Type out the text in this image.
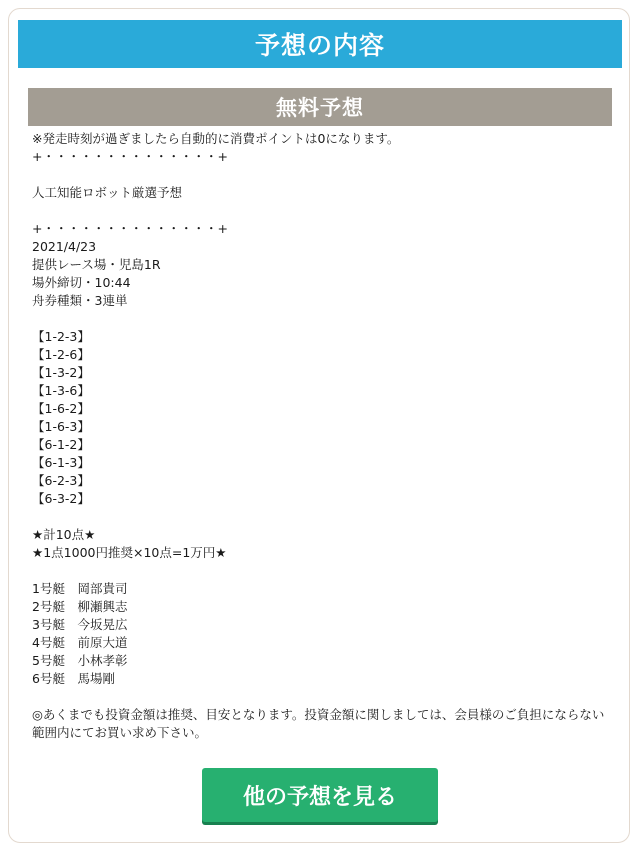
予想の内容
無料予想
※発走時刻が過ぎましたら自動的に消費ポイントは0になります。
+・・・・・・・・・・・・・・+
人工知能ロボット厳選予想
+・・・・・・・・・・・・・・+
2021/4/23
提供レース場・児島1R
場外締切・10:44
舟券種類・3連単
【1-2-3】
【1-2-6】
【1-3-2】
【1-3-6】
【1-6-2】
【1-6-3】
【6-1-2】
【6-1-3】
【6-2-3】
【6-3-2】
★計10点★
★1点1000円推奨×10点=1万円★
1号艇　岡部貴司
2号艇　柳瀬興志
3号艇　今坂晃広
4号艇　前原大道
5号艇　小林孝彰
6号艇　馬場剛
◎あくまでも投資金額は推奨、目安となります。投資金額に関しましては、会員様のご負担にならない範囲内にてお買い求め下さい。
他の予想を見る
